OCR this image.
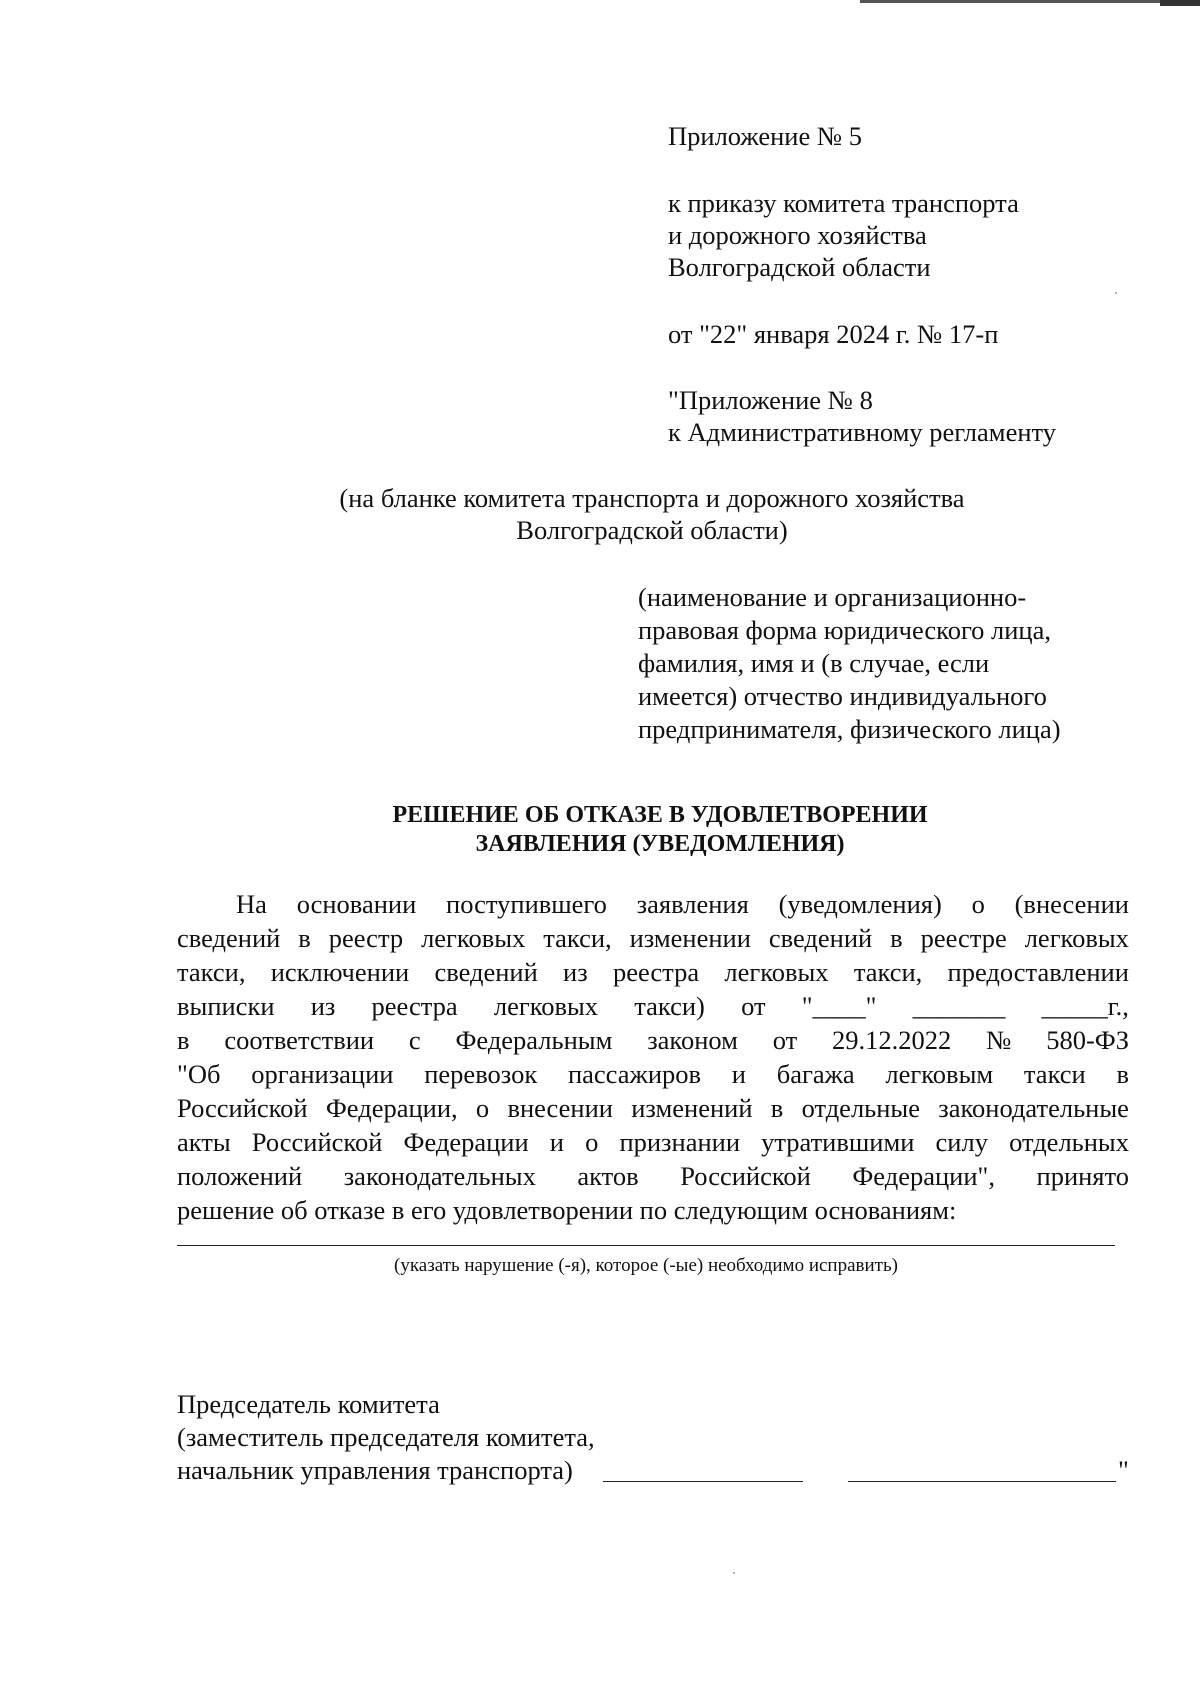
Приложение № 5
к приказу комитета транспорта
и дорожного хозяйства
Волгоградской области
от "22" января 2024 г. № 17-п
"Приложение № 8
к Административному регламенту
(на бланке комитета транспорта и дорожного хозяйства
Волгоградской области)
(наименование и организационно-
правовая форма юридического лица,
фамилия, имя и (в случае, если
имеется) отчество индивидуального
предпринимателя, физического лица)
РЕШЕНИЕ ОБ ОТКАЗЕ В УДОВЛЕТВОРЕНИИ
ЗАЯВЛЕНИЯ (УВЕДОМЛЕНИЯ)
На основании поступившего заявления (уведомления) о (внесении
сведений в реестр легковых такси, изменении сведений в реестре легковых
такси, исключении сведений из реестра легковых такси, предоставлении
выписки из реестра легковых такси) от "____" _______ _____г.,
в соответствии с Федеральным законом от 29.12.2022 № 580-ФЗ
"Об организации перевозок пассажиров и багажа легковым такси в
Российской Федерации, о внесении изменений в отдельные законодательные
акты Российской Федерации и о признании утратившими силу отдельных
положений законодательных актов Российской Федерации", принято
решение об отказе в его удовлетворении по следующим основаниям:
(указать нарушение (-я), которое (-ые) необходимо исправить)
Председатель комитета
(заместитель председателя комитета,
начальник управления транспорта)	"
